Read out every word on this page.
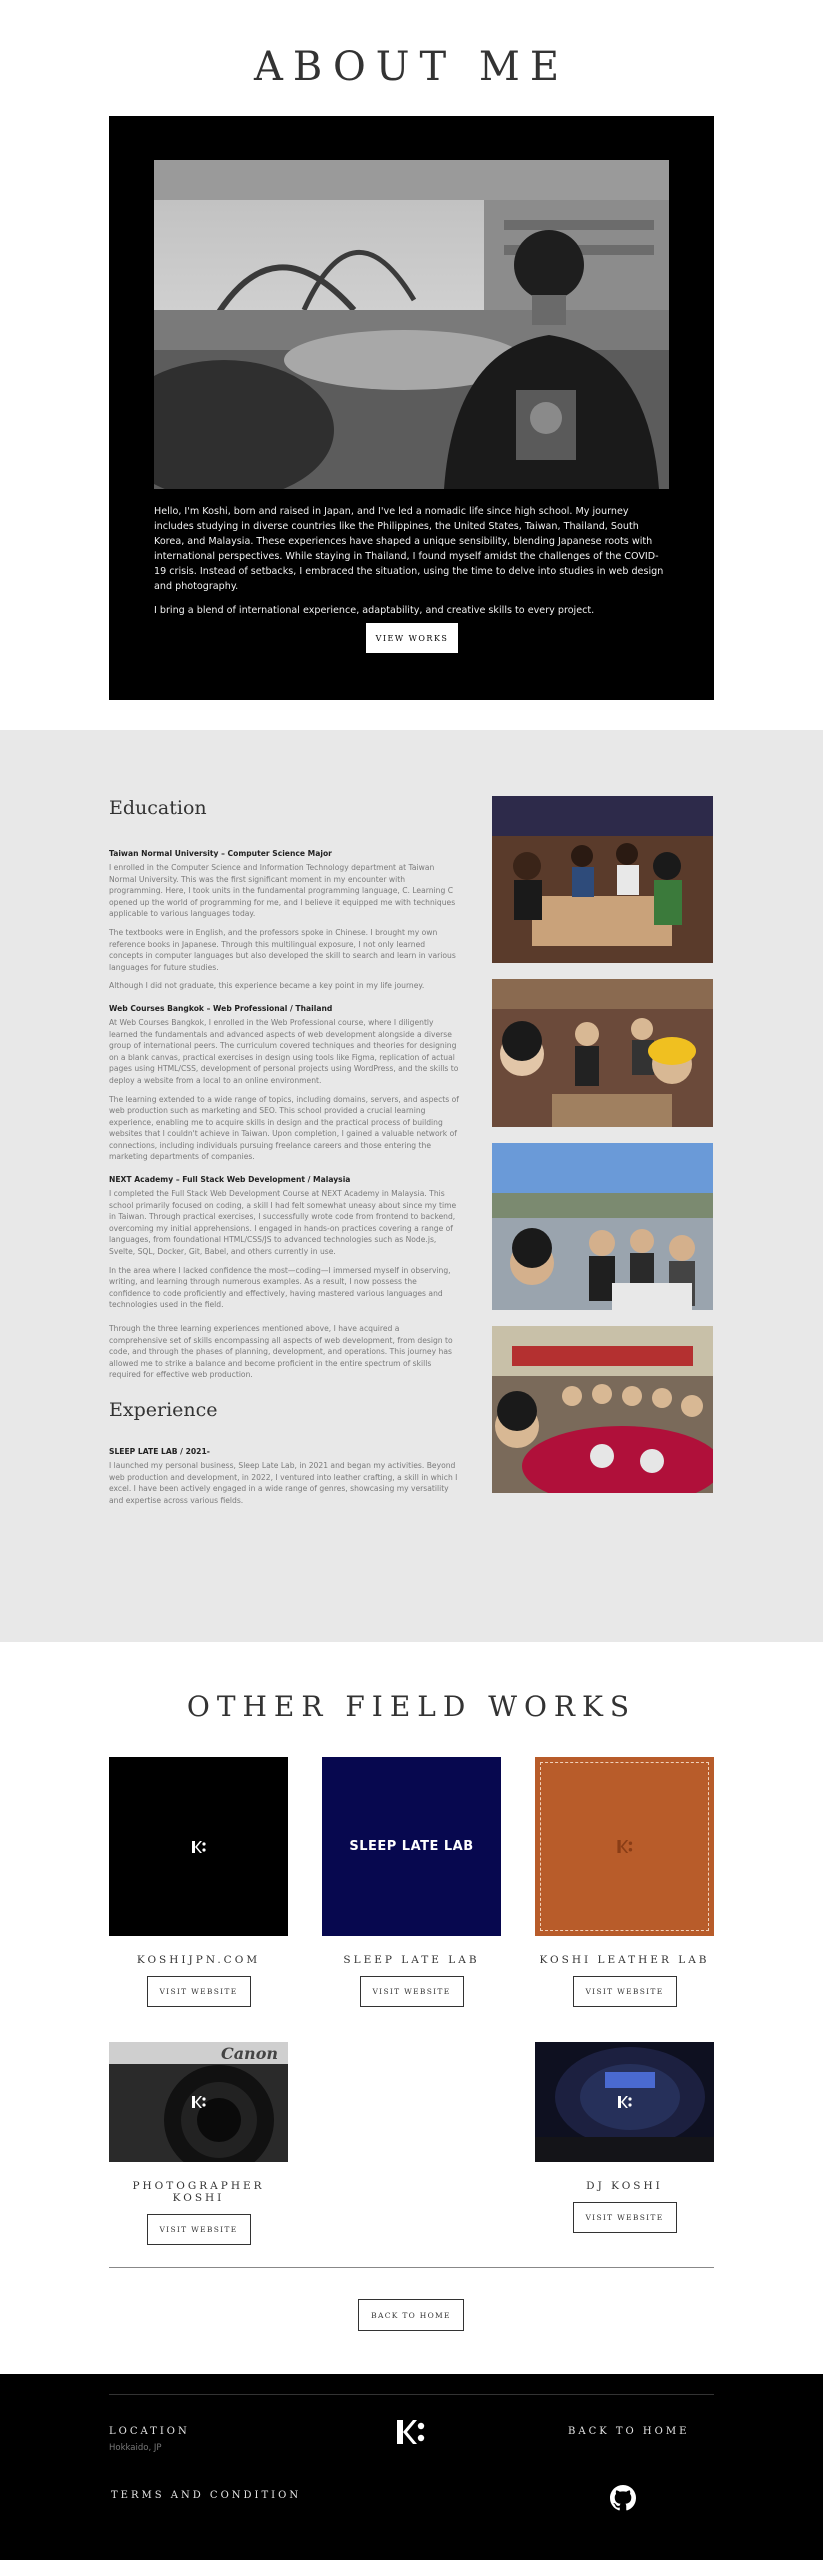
ABOUT ME

Hello, I'm Koshi, born and raised in Japan, and I've led a nomadic life since high school. My journey includes studying in diverse countries like the Philippines, the United States, Taiwan, Thailand, South Korea, and Malaysia. These experiences have shaped a unique sensibility, blending Japanese roots with international perspectives. While staying in Thailand, I found myself amidst the challenges of the COVID-19 crisis. Instead of setbacks, I embraced the situation, using the time to delve into studies in web design and photography.

I bring a blend of international experience, adaptability, and creative skills to every project.

VIEW WORKS
Education
Taiwan Normal University – Computer Science Major

I enrolled in the Computer Science and Information Technology department at Taiwan Normal University. This was the first significant moment in my encounter with programming. Here, I took units in the fundamental programming language, C. Learning C opened up the world of programming for me, and I believe it equipped me with techniques applicable to various languages today.

The textbooks were in English, and the professors spoke in Chinese. I brought my own reference books in Japanese. Through this multilingual exposure, I not only learned concepts in computer languages but also developed the skill to search and learn in various languages for future studies.

Although I did not graduate, this experience became a key point in my life journey.

Web Courses Bangkok – Web Professional / Thailand

At Web Courses Bangkok, I enrolled in the Web Professional course, where I diligently learned the fundamentals and advanced aspects of web development alongside a diverse group of international peers. The curriculum covered techniques and theories for designing on a blank canvas, practical exercises in design using tools like Figma, replication of actual pages using HTML/CSS, development of personal projects using WordPress, and the skills to deploy a website from a local to an online environment.

The learning extended to a wide range of topics, including domains, servers, and aspects of web production such as marketing and SEO. This school provided a crucial learning experience, enabling me to acquire skills in design and the practical process of building websites that I couldn't achieve in Taiwan. Upon completion, I gained a valuable network of connections, including individuals pursuing freelance careers and those entering the marketing departments of companies.

NEXT Academy – Full Stack Web Development / Malaysia

I completed the Full Stack Web Development Course at NEXT Academy in Malaysia. This school primarily focused on coding, a skill I had felt somewhat uneasy about since my time in Taiwan. Through practical exercises, I successfully wrote code from frontend to backend, overcoming my initial apprehensions. I engaged in hands-on practices covering a range of languages, from foundational HTML/CSS/JS to advanced technologies such as Node.js, Svelte, SQL, Docker, Git, Babel, and others currently in use.

In the area where I lacked confidence the most—coding—I immersed myself in observing, writing, and learning through numerous examples. As a result, I now possess the confidence to code proficiently and effectively, having mastered various languages and technologies used in the field.

Through the three learning experiences mentioned above, I have acquired a comprehensive set of skills encompassing all aspects of web development, from design to code, and through the phases of planning, development, and operations. This journey has allowed me to strike a balance and become proficient in the entire spectrum of skills required for effective web production.

Experience
SLEEP LATE LAB / 2021-

I launched my personal business, Sleep Late Lab, in 2021 and began my activities. Beyond web production and development, in 2022, I ventured into leather crafting, a skill in which I excel. I have been actively engaged in a wide range of genres, showcasing my versatility and expertise across various fields.

OTHER FIELD WORKS
KOSHIJPN.COM
VISIT WEBSITE
SLEEP LATE LAB
SLEEP LATE LAB
VISIT WEBSITE
KOSHI LEATHER LAB
VISIT WEBSITE
Canon
PHOTOGRAPHER KOSHI
VISIT WEBSITE
DJ KOSHI
VISIT WEBSITE
BACK TO HOME
LOCATION
Hokkaido, JP
BACK TO HOME
TERMS AND CONDITION
